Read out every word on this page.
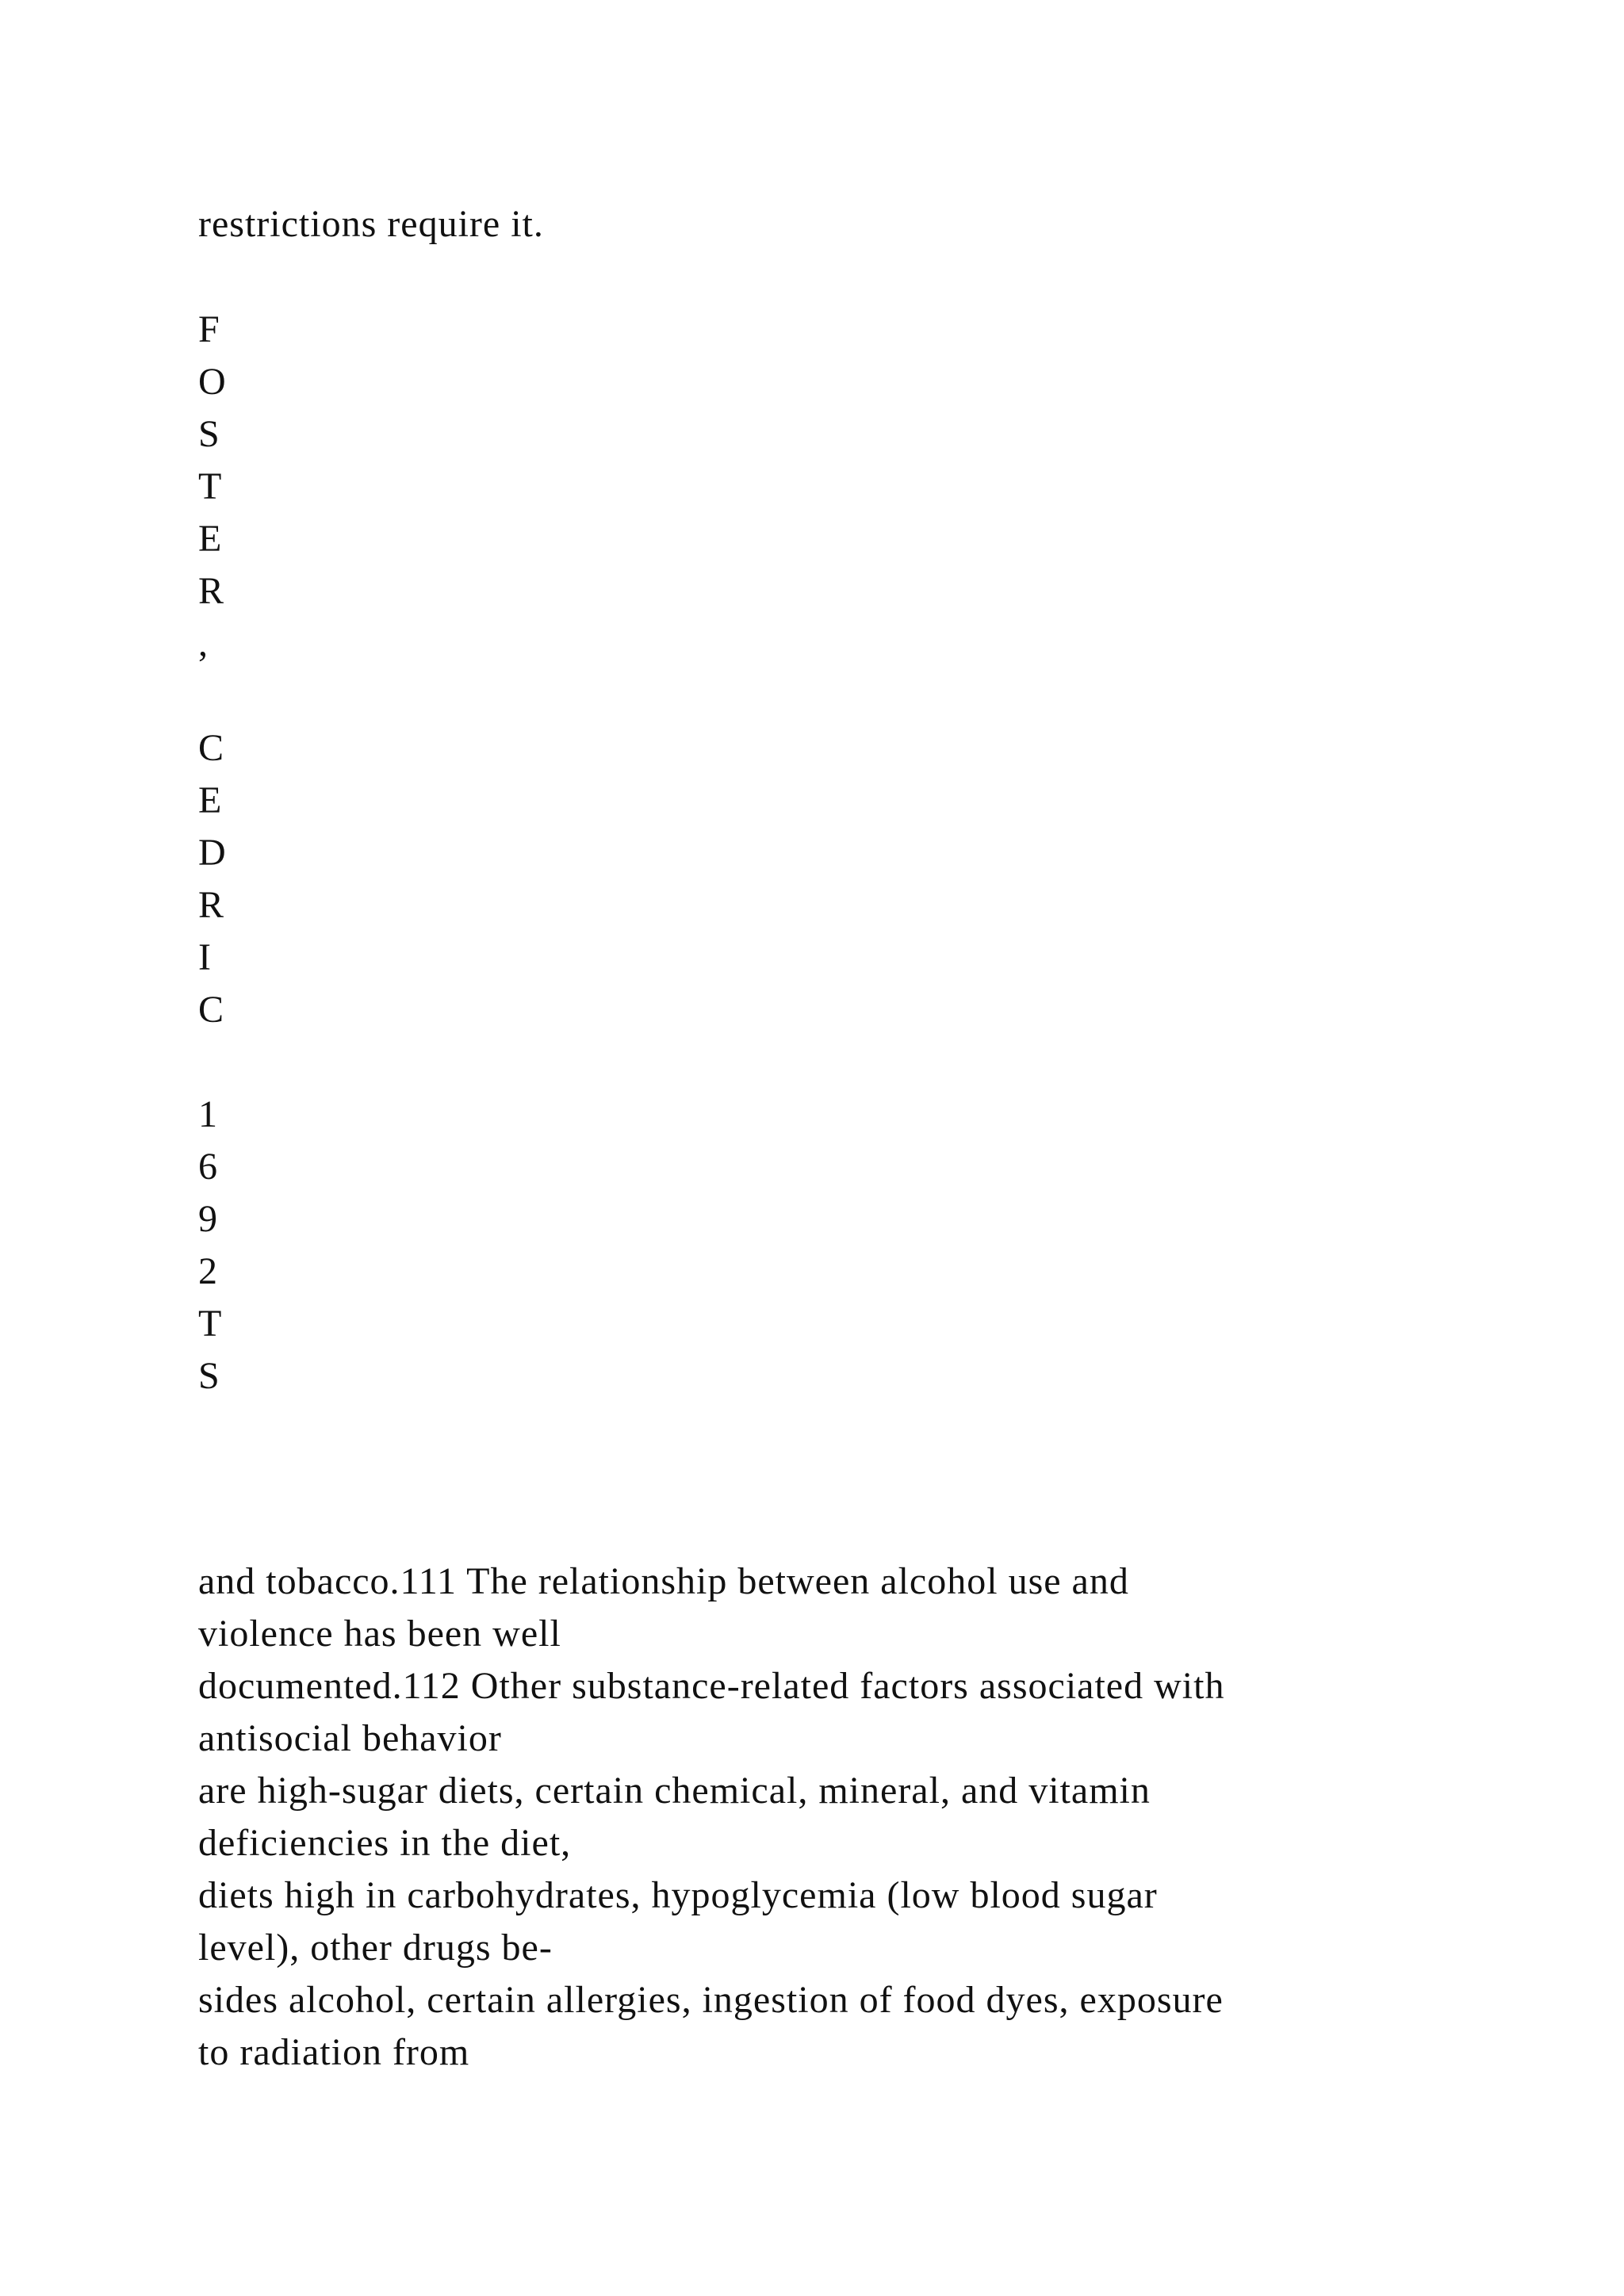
restrictions require it.
F
O
S
T
E
R
,
C
E
D
R
I
C
1
6
9
2
T
S
and tobacco.111 The relationship between alcohol use and
violence has been well
documented.112 Other substance-related factors associated with
antisocial behavior
are high-sugar diets, certain chemical, mineral, and vitamin
deficiencies in the diet,
diets high in carbohydrates, hypoglycemia (low blood sugar
level), other drugs be-
sides alcohol, certain allergies, ingestion of food dyes, exposure
to radiation from
